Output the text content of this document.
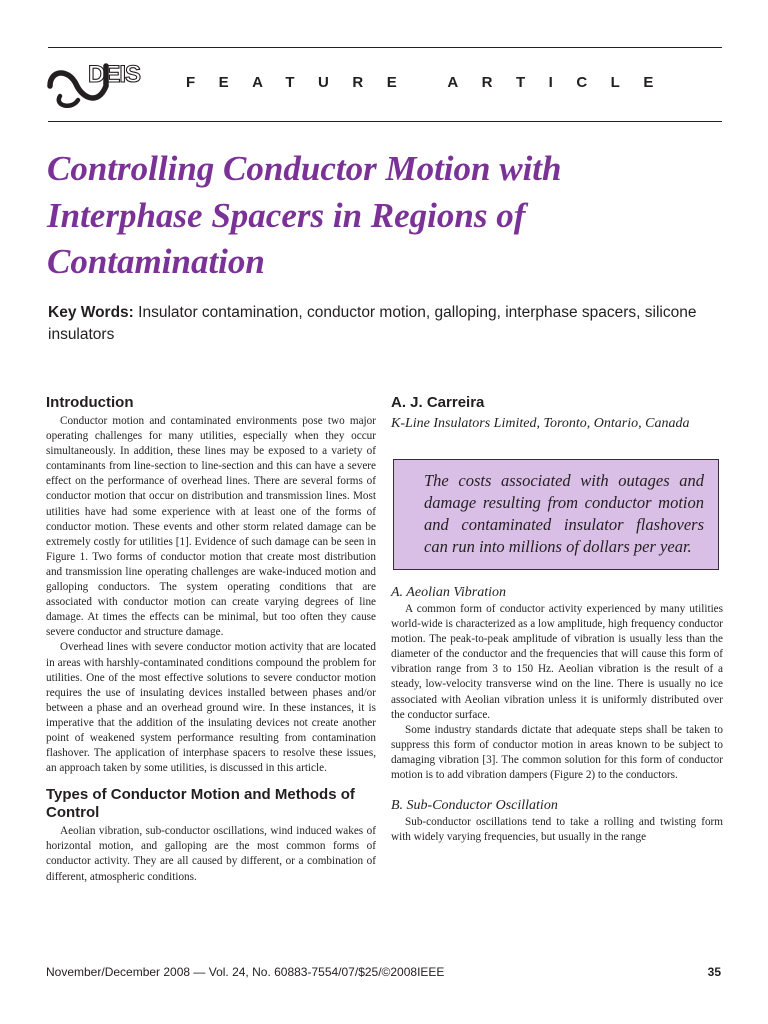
DEIS	FEATURE ARTICLE
Controlling Conductor Motion with Interphase Spacers in Regions of Contamination

Key Words: Insulator contamination, conductor motion, galloping, interphase spacers, silicone insulators

Introduction

Conductor motion and contaminated environments pose two major operating challenges for many utilities, especially when they occur simultaneously. In addition, these lines may be exposed to a variety of contaminants from line-section to line-section and this can have a severe effect on the performance of overhead lines. There are several forms of conductor motion that occur on distribution and transmission lines. Most utilities have had some experience with at least one of the forms of conductor motion. These events and other storm related damage can be extremely costly for utilities [1]. Evidence of such damage can be seen in Figure 1. Two forms of conductor motion that create most distribution and transmission line operating challenges are wake-induced motion and galloping conductors. The system operating conditions that are associated with conductor motion can create varying degrees of line damage. At times the effects can be minimal, but too often they cause severe conductor and structure damage.

Overhead lines with severe conductor motion activity that are located in areas with harshly-contaminated conditions compound the problem for utilities. One of the most effective solutions to severe conductor motion requires the use of insulating devices installed between phases and/or between a phase and an overhead ground wire. In these instances, it is imperative that the addition of the insulating devices not create another point of weakened system performance resulting from contamination flashover. The application of interphase spacers to resolve these issues, an approach taken by some utilities, is discussed in this article.

Types of Conductor Motion and Methods of Control

Aeolian vibration, sub-conductor oscillations, wind induced wakes of horizontal motion, and galloping are the most common forms of conductor activity. They are all caused by different, or a combination of different, atmospheric conditions.

A. J. Carreira

K-Line Insulators Limited, Toronto, Ontario, Canada

The costs associated with outages and damage resulting from conductor motion and contaminated insulator flashovers can run into millions of dollars per year.
A. Aeolian Vibration

A common form of conductor activity experienced by many utilities world-wide is characterized as a low amplitude, high frequency conductor motion. The peak-to-peak amplitude of vibration is usually less than the diameter of the conductor and the frequencies that will cause this form of vibration range from 3 to 150 Hz. Aeolian vibration is the result of a steady, low-velocity transverse wind on the line. There is usually no ice associated with Aeolian vibration unless it is uniformly distributed over the conductor surface.

Some industry standards dictate that adequate steps shall be taken to suppress this form of conductor motion in areas known to be subject to damaging vibration [3]. The common solution for this form of conductor motion is to add vibration dampers (Figure 2) to the conductors.

B. Sub-Conductor Oscillation

Sub-conductor oscillations tend to take a rolling and twisting form with widely varying frequencies, but usually in the range

November/December 2008 — Vol. 24, No. 60883-7554/07/$25/©2008IEEE	35
